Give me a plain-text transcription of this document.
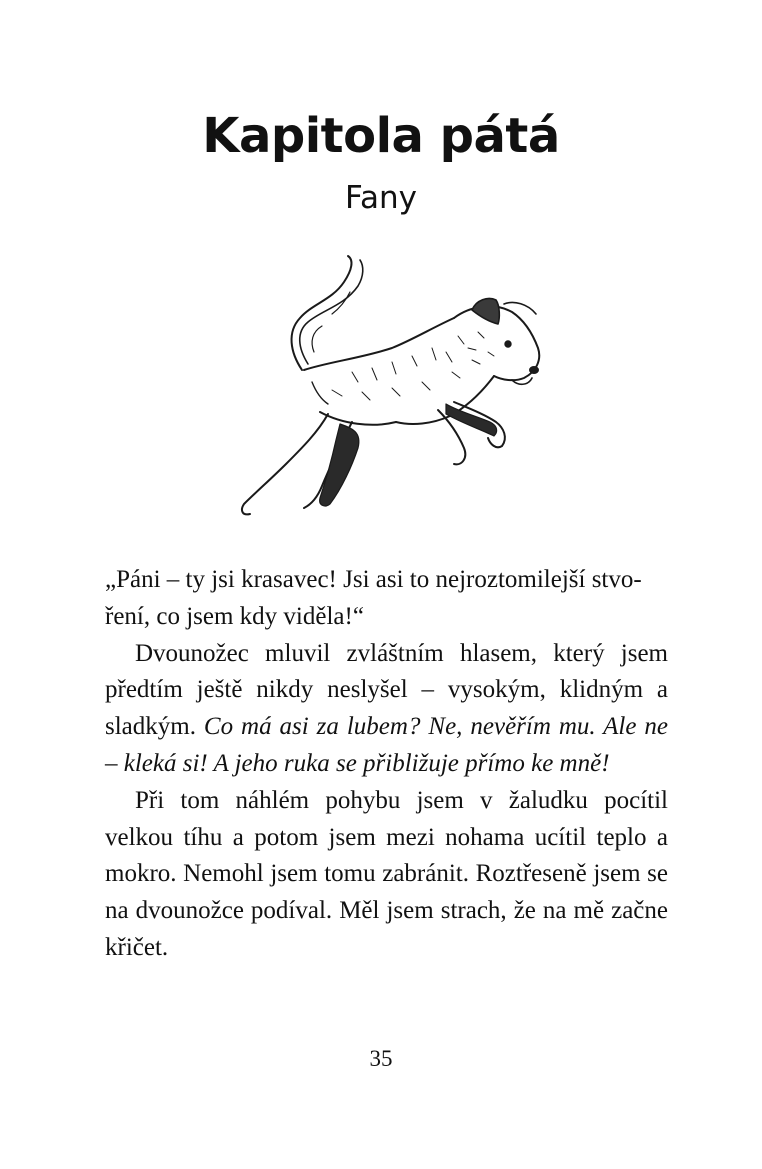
Kapitola pátá
Fany

„Páni – ty jsi krasavec! Jsi asi to nejroztomilejší stvo-
ření, co jsem kdy viděla!“

Dvounožec mluvil zvláštním hlasem, který jsem předtím ještě nikdy neslyšel – vysokým, klidným a sladkým. Co má asi za lubem? Ne, nevěřím mu. Ale ne – kleká si! A jeho ruka se přibližuje přímo ke mně!

Při tom náhlém pohybu jsem v žaludku pocítil velkou tíhu a potom jsem mezi nohama ucítil teplo a mokro. Nemohl jsem tomu zabránit. Roztřeseně jsem se na dvounožce podíval. Měl jsem strach, že na mě začne křičet.

35
